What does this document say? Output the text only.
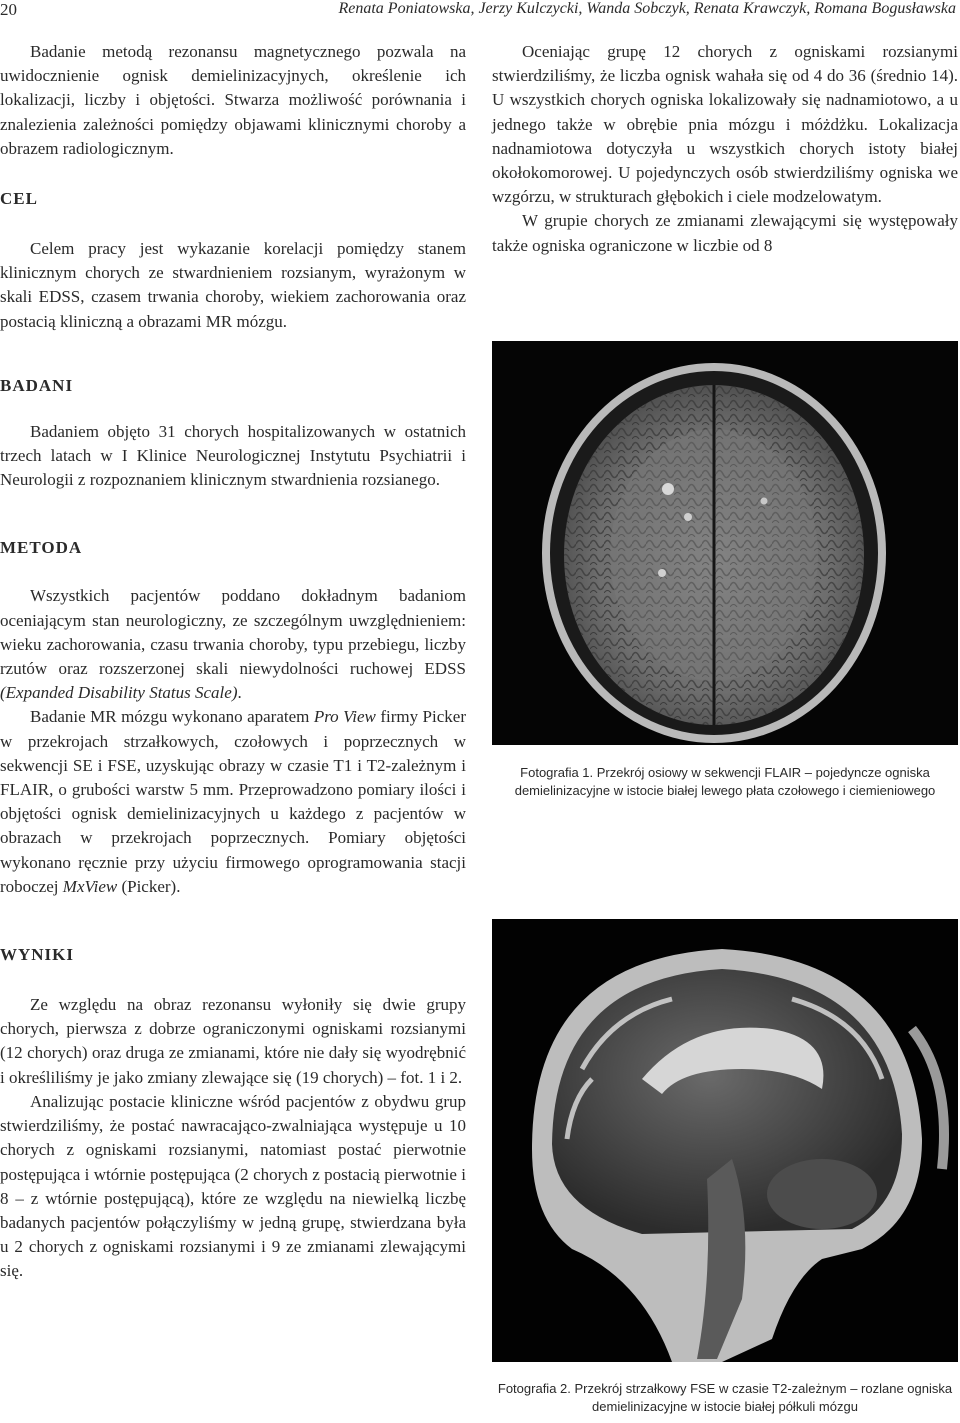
20	Renata Poniatowska, Jerzy Kulczycki, Wanda Sobczyk, Renata Krawczyk, Romana Bogusławska

Badanie metodą rezonansu magnetycznego pozwala na uwidocznienie ognisk demielinizacyjnych, określenie ich lokalizacji, liczby i objętości. Stwarza możliwość porównania i znalezienia zależności pomiędzy objawami klinicznymi choroby a obrazem radiologicznym.

CEL

Celem pracy jest wykazanie korelacji pomiędzy stanem klinicznym chorych ze stwardnieniem rozsianym, wyrażonym w skali EDSS, czasem trwania choroby, wiekiem zachorowania oraz postacią kliniczną a obrazami MR mózgu.

BADANI

Badaniem objęto 31 chorych hospitalizowanych w ostatnich trzech latach w I Klinice Neurologicznej Instytutu Psychiatrii i Neurologii z rozpoznaniem klinicznym stwardnienia rozsianego.

METODA

Wszystkich pacjentów poddano dokładnym badaniom oceniającym stan neurologiczny, ze szczególnym uwzględnieniem: wieku zachorowania, czasu trwania choroby, typu przebiegu, liczby rzutów oraz rozszerzonej skali niewydolności ruchowej EDSS (Expanded Disability Status Scale).

Badanie MR mózgu wykonano aparatem Pro View firmy Picker w przekrojach strzałkowych, czołowych i poprzecznych w sekwencji SE i FSE, uzyskując obrazy w czasie T1 i T2-zależnym i FLAIR, o grubości warstw 5 mm. Przeprowadzono pomiary ilości i objętości ognisk demielinizacyjnych u każdego z pacjentów w obrazach w przekrojach poprzecznych. Pomiary objętości wykonano ręcznie przy użyciu firmowego oprogramowania stacji roboczej MxView (Picker).

WYNIKI

Ze względu na obraz rezonansu wyłoniły się dwie grupy chorych, pierwsza z dobrze ograniczonymi ogniskami rozsianymi (12 chorych) oraz druga ze zmianami, które nie dały się wyodrębnić i określiliśmy je jako zmiany zlewające się (19 chorych) – fot. 1 i 2.

Analizując postacie kliniczne wśród pacjentów z obydwu grup stwierdziliśmy, że postać nawracająco-zwalniająca występuje u 10 chorych z ogniskami rozsianymi, natomiast postać pierwotnie postępująca i wtórnie postępująca (2 chorych z postacią pierwotnie i 8 – z wtórnie postępującą), które ze względu na niewielką liczbę badanych pacjentów połączyliśmy w jedną grupę, stwierdzana była u 2 chorych z ogniskami rozsianymi i 9 ze zmianami zlewającymi się.

Oceniając grupę 12 chorych z ogniskami rozsianymi stwierdziliśmy, że liczba ognisk wahała się od 4 do 36 (średnio 14). U wszystkich chorych ogniska lokalizowały się nadnamiotowo, a u jednego także w obrębie pnia mózgu i móżdżku. Lokalizacja nadnamiotowa dotyczyła u wszystkich chorych istoty białej okołokomorowej. U pojedynczych osób stwierdziliśmy ogniska we wzgórzu, w strukturach głębokich i ciele modzelowatym.

W grupie chorych ze zmianami zlewającymi się występowały także ogniska ograniczone w liczbie od 8

Fotografia 1. Przekrój osiowy w sekwencji FLAIR – pojedyncze ogniska demielinizacyjne w istocie białej lewego płata czołowego i ciemieniowego
Fotografia 2. Przekrój strzałkowy FSE w czasie T2-zależnym – rozlane ogniska demielinizacyjne w istocie białej półkuli mózgu
